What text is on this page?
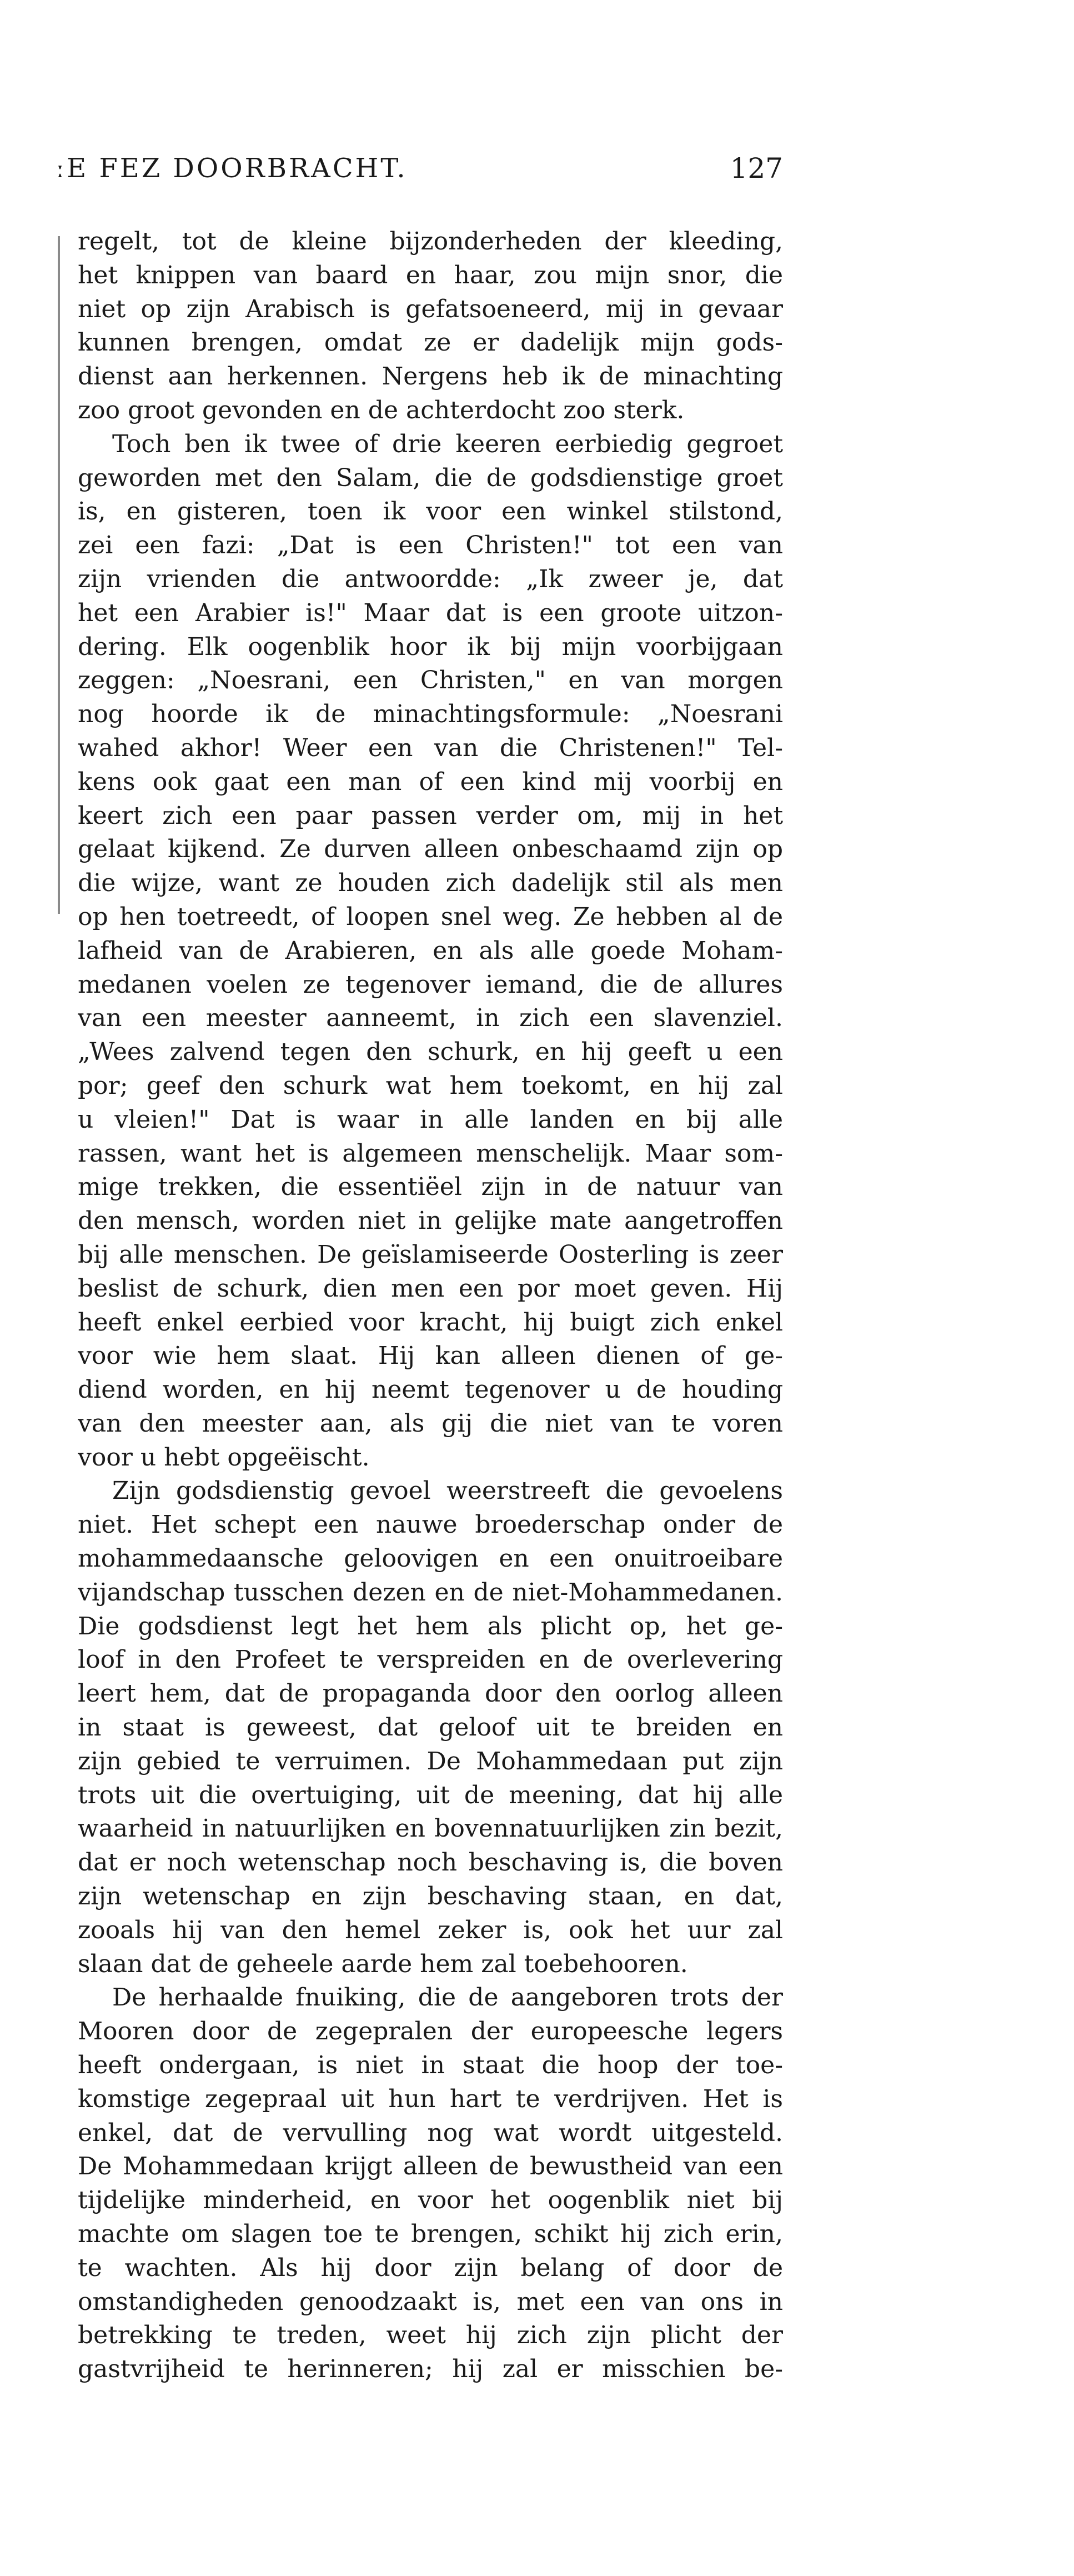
ːE FEZ DOORBRACHT.	127
regelt, tot de kleine bijzonderheden der kleeding,
het knippen van baard en haar, zou mijn snor, die
niet op zijn Arabisch is gefatsoeneerd, mij in gevaar
kunnen brengen, omdat ze er dadelijk mijn gods-
dienst aan herkennen. Nergens heb ik de minachting
zoo groot gevonden en de achterdocht zoo sterk.
Toch ben ik twee of drie keeren eerbiedig gegroet
geworden met den Salam, die de godsdienstige groet
is, en gisteren, toen ik voor een winkel stilstond,
zei een fazi: „Dat is een Christen!" tot een van
zijn vrienden die antwoordde: „Ik zweer je, dat
het een Arabier is!" Maar dat is een groote uitzon-
dering. Elk oogenblik hoor ik bij mijn voorbijgaan
zeggen: „Noesrani, een Christen," en van morgen
nog hoorde ik de minachtingsformule: „Noesrani
wahed akhor! Weer een van die Christenen!" Tel-
kens ook gaat een man of een kind mij voorbij en
keert zich een paar passen verder om, mij in het
gelaat kijkend. Ze durven alleen onbeschaamd zijn op
die wijze, want ze houden zich dadelijk stil als men
op hen toetreedt, of loopen snel weg. Ze hebben al de
lafheid van de Arabieren, en als alle goede Moham-
medanen voelen ze tegenover iemand, die de allures
van een meester aanneemt, in zich een slavenziel.
„Wees zalvend tegen den schurk, en hij geeft u een
por; geef den schurk wat hem toekomt, en hij zal
u vleien!" Dat is waar in alle landen en bij alle
rassen, want het is algemeen menschelijk. Maar som-
mige trekken, die essentiëel zijn in de natuur van
den mensch, worden niet in gelijke mate aangetroffen
bij alle menschen. De geïslamiseerde Oosterling is zeer
beslist de schurk, dien men een por moet geven. Hij
heeft enkel eerbied voor kracht, hij buigt zich enkel
voor wie hem slaat. Hij kan alleen dienen of ge-
diend worden, en hij neemt tegenover u de houding
van den meester aan, als gij die niet van te voren
voor u hebt opgeëischt.
Zijn godsdienstig gevoel weerstreeft die gevoelens
niet. Het schept een nauwe broederschap onder de
mohammedaansche geloovigen en een onuitroeibare
vijandschap tusschen dezen en de niet-Mohammedanen.
Die godsdienst legt het hem als plicht op, het ge-
loof in den Profeet te verspreiden en de overlevering
leert hem, dat de propaganda door den oorlog alleen
in staat is geweest, dat geloof uit te breiden en
zijn gebied te verruimen. De Mohammedaan put zijn
trots uit die overtuiging, uit de meening, dat hij alle
waarheid in natuurlijken en bovennatuurlijken zin bezit,
dat er noch wetenschap noch beschaving is, die boven
zijn wetenschap en zijn beschaving staan, en dat,
zooals hij van den hemel zeker is, ook het uur zal
slaan dat de geheele aarde hem zal toebehooren.
De herhaalde fnuiking, die de aangeboren trots der
Mooren door de zegepralen der europeesche legers
heeft ondergaan, is niet in staat die hoop der toe-
komstige zegepraal uit hun hart te verdrijven. Het is
enkel, dat de vervulling nog wat wordt uitgesteld.
De Mohammedaan krijgt alleen de bewustheid van een
tijdelijke minderheid, en voor het oogenblik niet bij
machte om slagen toe te brengen, schikt hij zich erin,
te wachten. Als hij door zijn belang of door de
omstandigheden genoodzaakt is, met een van ons in
betrekking te treden, weet hij zich zijn plicht der
gastvrijheid te herinneren; hij zal er misschien be-
